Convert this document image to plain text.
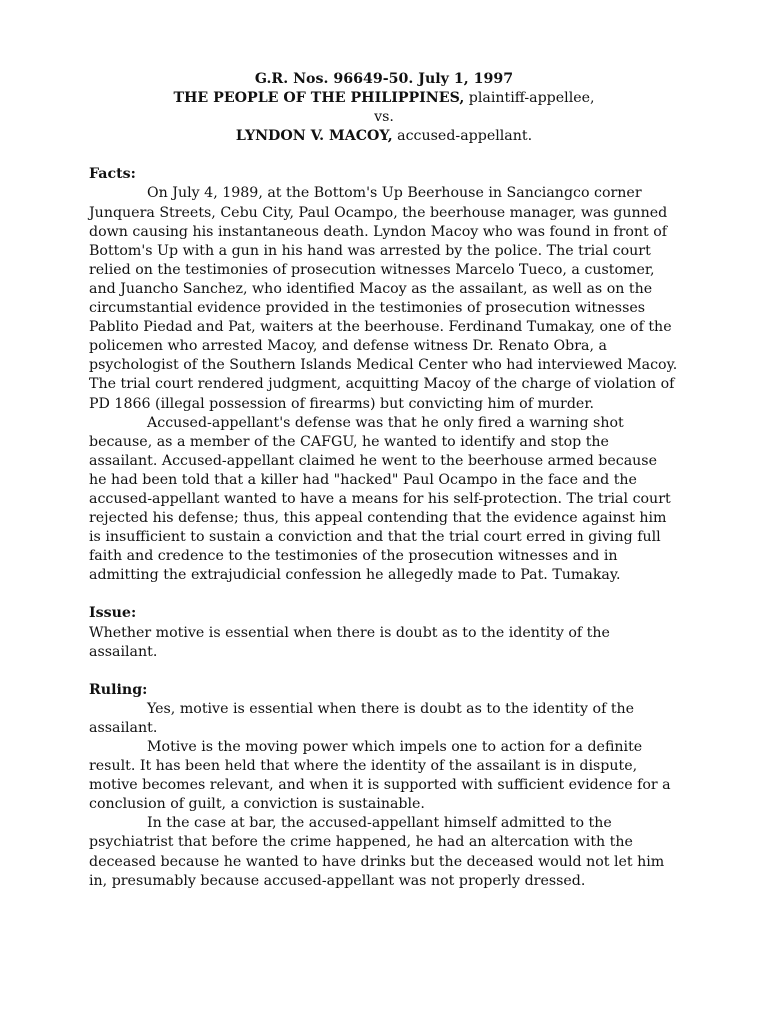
G.R. Nos. 96649-50. July 1, 1997
THE PEOPLE OF THE PHILIPPINES, plaintiff-appellee,
vs.
LYNDON V. MACOY, accused-appellant.
Facts:

On July 4, 1989, at the Bottom's Up Beerhouse in Sanciangco corner Junquera Streets, Cebu City, Paul Ocampo, the beerhouse manager, was gunned down causing his instantaneous death. Lyndon Macoy who was found in front of Bottom's Up with a gun in his hand was arrested by the police. The trial court relied on the testimonies of prosecution witnesses Marcelo Tueco, a customer, and Juancho Sanchez, who identified Macoy as the assailant, as well as on the circumstantial evidence provided in the testimonies of prosecution witnesses Pablito Piedad and Pat, waiters at the beerhouse. Ferdinand Tumakay, one of the policemen who arrested Macoy, and defense witness Dr. Renato Obra, a psychologist of the Southern Islands Medical Center who had interviewed Macoy. The trial court rendered judgment, acquitting Macoy of the charge of violation of PD 1866 (illegal possession of firearms) but convicting him of murder.

Accused-appellant's defense was that he only fired a warning shot because, as a member of the CAFGU, he wanted to identify and stop the assailant. Accused-appellant claimed he went to the beerhouse armed because he had been told that a killer had "hacked" Paul Ocampo in the face and the accused-appellant wanted to have a means for his self-protection. The trial court rejected his defense; thus, this appeal contending that the evidence against him is insufficient to sustain a conviction and that the trial court erred in giving full faith and credence to the testimonies of the prosecution witnesses and in admitting the extrajudicial confession he allegedly made to Pat. Tumakay.

Issue:

Whether motive is essential when there is doubt as to the identity of the assailant.

Ruling:

Yes, motive is essential when there is doubt as to the identity of the assailant.

Motive is the moving power which impels one to action for a definite result. It has been held that where the identity of the assailant is in dispute, motive becomes relevant, and when it is supported with sufficient evidence for a conclusion of guilt, a conviction is sustainable.

In the case at bar, the accused-appellant himself admitted to the psychiatrist that before the crime happened, he had an altercation with the deceased because he wanted to have drinks but the deceased would not let him in, presumably because accused-appellant was not properly dressed.
